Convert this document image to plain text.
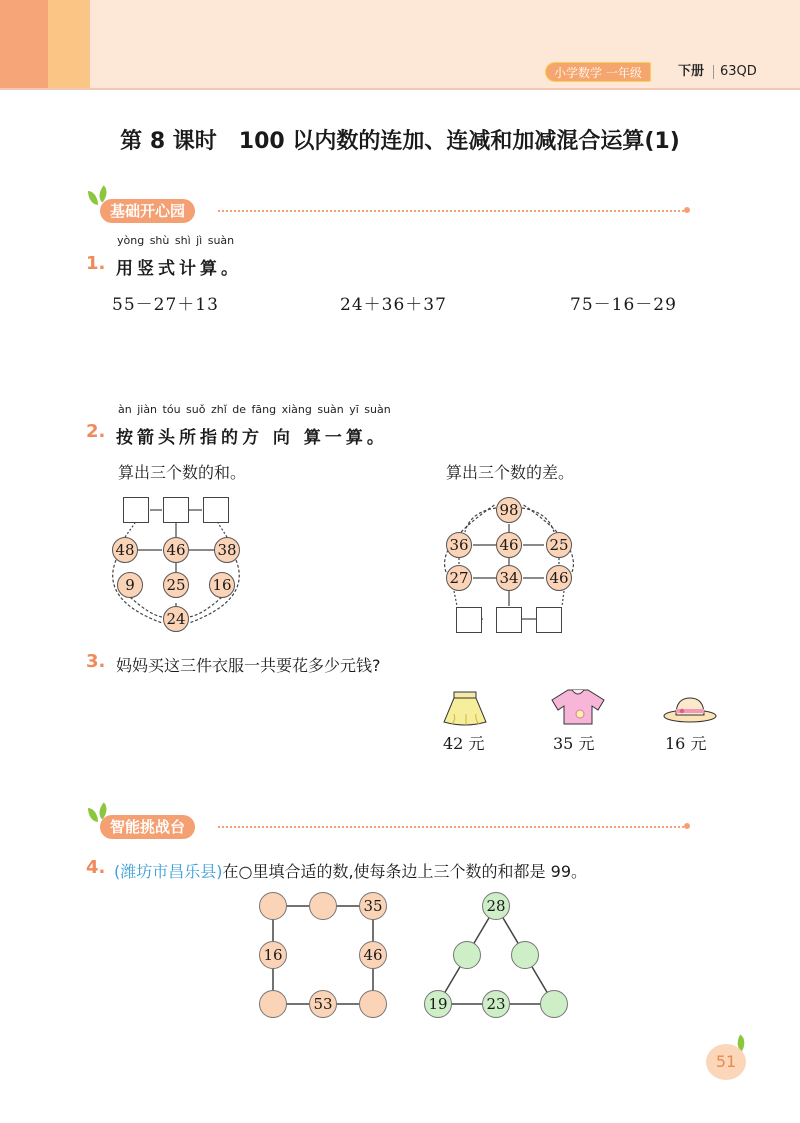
小学数学 一年级	下册 63QD
第 8 课时　100 以内数的连加、连减和加减混合运算(1)
基础开心园
yòng shù shì jì suàn
1. 用竖式计算。
55－27＋13	24＋36＋37	75－16－29
àn jiàn tóu suǒ zhǐ de fāng xiàng suàn yī suàn
2. 按箭头所指的方 向 算一算。
算出三个数的和。	算出三个数的差。
48 46 38
9	25 16
24
98
36 46 25
27 34 46
3. 妈妈买这三件衣服一共要花多少元钱?
42 元	35 元	16 元
智能挑战台
4. (潍坊市昌乐县)在○里填合适的数,使每条边上三个数的和都是 99。
35
16	46
53
28
19	23
51
